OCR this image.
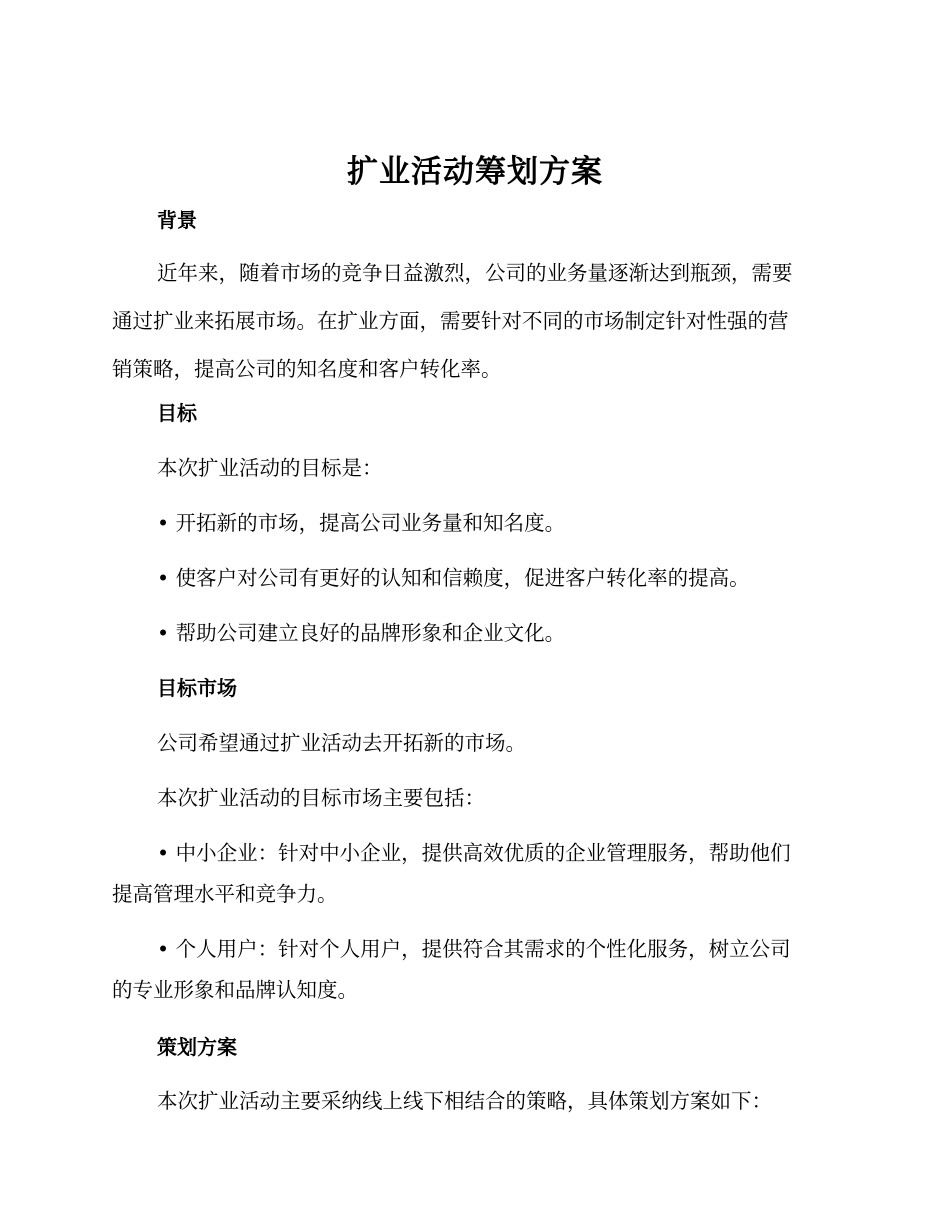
扩业活动筹划方案
背景
近年来，随着市场的竞争日益激烈，公司的业务量逐渐达到瓶颈，需要
通过扩业来拓展市场。在扩业方面，需要针对不同的市场制定针对性强的营
销策略，提高公司的知名度和客户转化率。
目标
本次扩业活动的目标是：
• 开拓新的市场，提高公司业务量和知名度。
• 使客户对公司有更好的认知和信赖度，促进客户转化率的提高。
• 帮助公司建立良好的品牌形象和企业文化。
目标市场
公司希望通过扩业活动去开拓新的市场。
本次扩业活动的目标市场主要包括：
• 中小企业：针对中小企业，提供高效优质的企业管理服务，帮助他们
提高管理水平和竞争力。
• 个人用户：针对个人用户，提供符合其需求的个性化服务，树立公司
的专业形象和品牌认知度。
策划方案
本次扩业活动主要采纳线上线下相结合的策略，具体策划方案如下：
